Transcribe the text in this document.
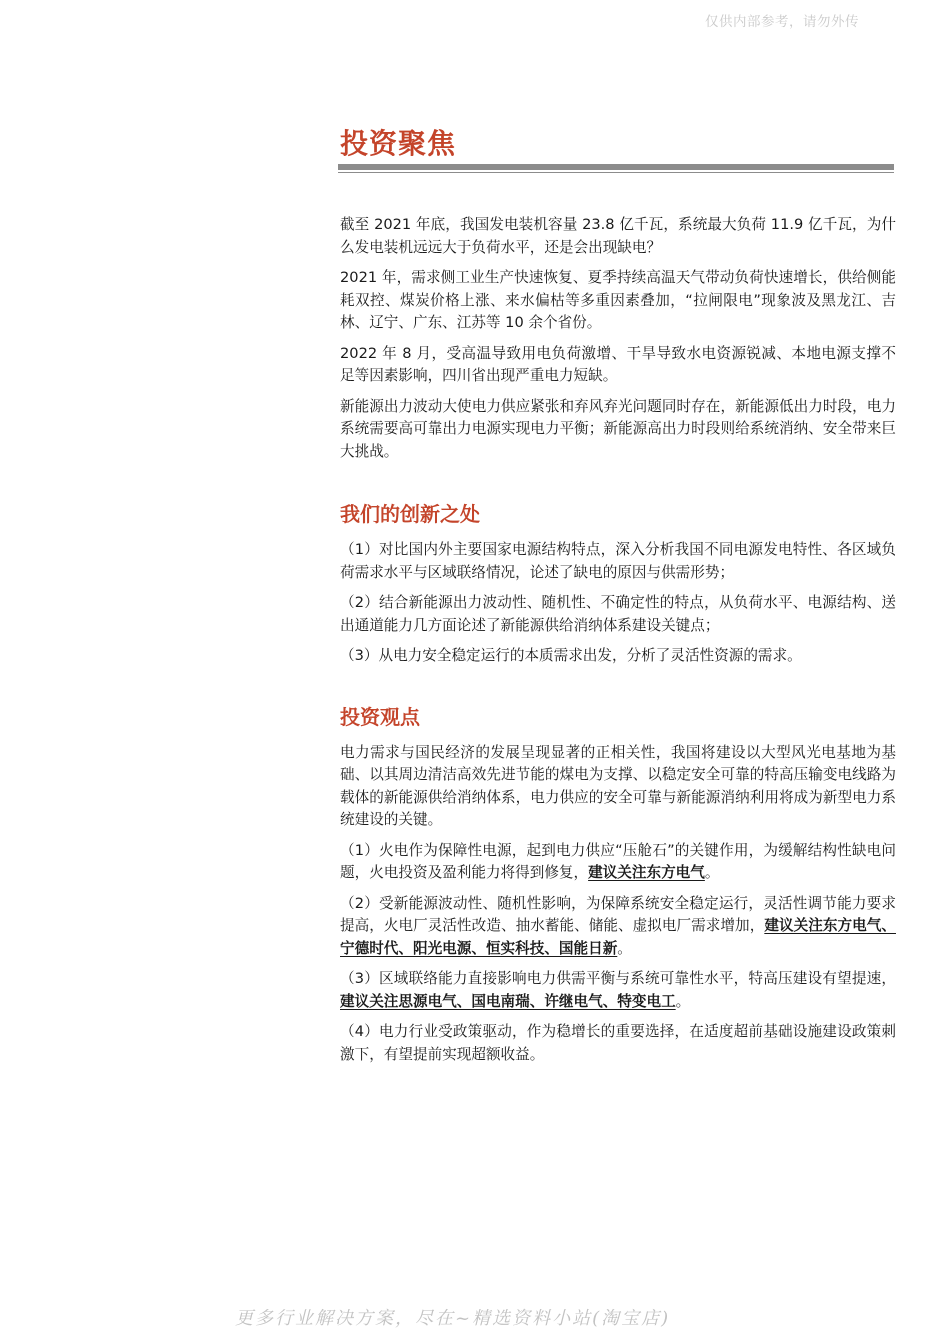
仅供内部参考，请勿外传
投资聚焦

截至 2021 年底，我国发电装机容量 23.8 亿千瓦，系统最大负荷 11.9 亿千瓦，为什么发电装机远远大于负荷水平，还是会出现缺电？

2021 年，需求侧工业生产快速恢复、夏季持续高温天气带动负荷快速增长，供给侧能耗双控、煤炭价格上涨、来水偏枯等多重因素叠加，“拉闸限电”现象波及黑龙江、吉林、辽宁、广东、江苏等 10 余个省份。

2022 年 8 月，受高温导致用电负荷激增、干旱导致水电资源锐减、本地电源支撑不足等因素影响，四川省出现严重电力短缺。

新能源出力波动大使电力供应紧张和弃风弃光问题同时存在，新能源低出力时段，电力系统需要高可靠出力电源实现电力平衡；新能源高出力时段则给系统消纳、安全带来巨大挑战。

我们的创新之处

（1）对比国内外主要国家电源结构特点，深入分析我国不同电源发电特性、各区域负荷需求水平与区域联络情况，论述了缺电的原因与供需形势；

（2）结合新能源出力波动性、随机性、不确定性的特点，从负荷水平、电源结构、送出通道能力几方面论述了新能源供给消纳体系建设关键点；

（3）从电力安全稳定运行的本质需求出发，分析了灵活性资源的需求。

投资观点

电力需求与国民经济的发展呈现显著的正相关性，我国将建设以大型风光电基地为基础、以其周边清洁高效先进节能的煤电为支撑、以稳定安全可靠的特高压输变电线路为载体的新能源供给消纳体系，电力供应的安全可靠与新能源消纳利用将成为新型电力系统建设的关键。

（1）火电作为保障性电源，起到电力供应“压舱石”的关键作用，为缓解结构性缺电问题，火电投资及盈利能力将得到修复，建议关注东方电气。

（2）受新能源波动性、随机性影响，为保障系统安全稳定运行，灵活性调节能力要求提高，火电厂灵活性改造、抽水蓄能、储能、虚拟电厂需求增加，建议关注东方电气、宁德时代、阳光电源、恒实科技、国能日新。

（3）区域联络能力直接影响电力供需平衡与系统可靠性水平，特高压建设有望提速，建议关注思源电气、国电南瑞、许继电气、特变电工。

（4）电力行业受政策驱动，作为稳增长的重要选择，在适度超前基础设施建设政策刺激下，有望提前实现超额收益。

更多行业解决方案，尽在~精选资料小站(淘宝店)
